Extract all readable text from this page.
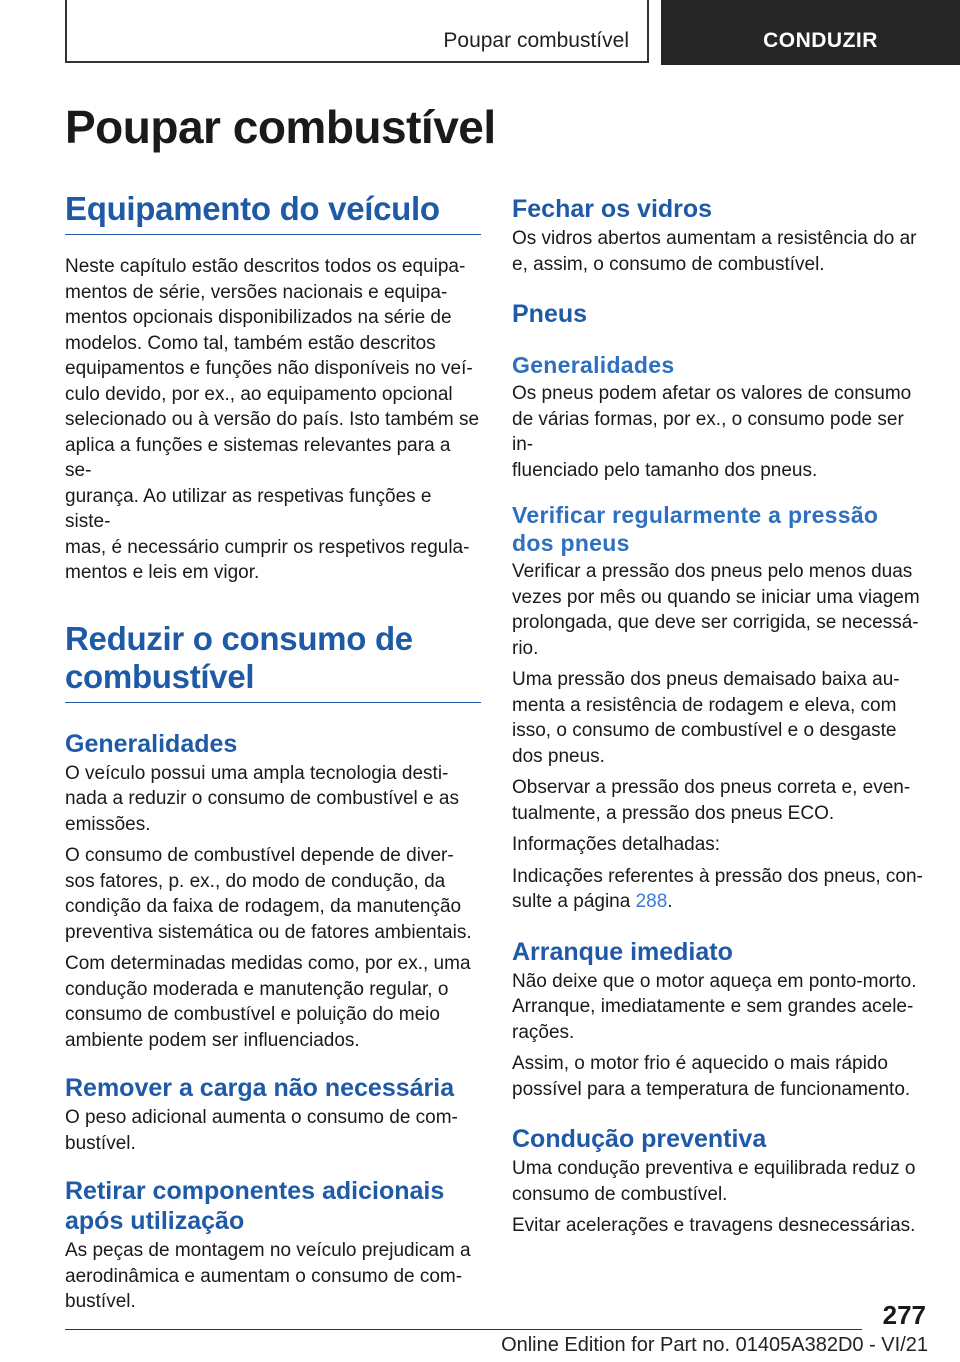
Poupar combustível	CONDUZIR
Poupar combustível
Equipamento do veículo

Neste capítulo estão descritos todos os equipa‐
mentos de série, versões nacionais e equipa‐
mentos opcionais disponibilizados na série de
modelos. Como tal, também estão descritos
equipamentos e funções não disponíveis no veí‐
culo devido, por ex., ao equipamento opcional
selecionado ou à versão do país. Isto também se
aplica a funções e sistemas relevantes para a se‐
gurança. Ao utilizar as respetivas funções e siste‐
mas, é necessário cumprir os respetivos regula‐
mentos e leis em vigor.

Reduzir o consumo de
combustível
Generalidades

O veículo possui uma ampla tecnologia desti‐
nada a reduzir o consumo de combustível e as
emissões.

O consumo de combustível depende de diver‐
sos fatores, p. ex., do modo de condução, da
condição da faixa de rodagem, da manutenção
preventiva sistemática ou de fatores ambientais.

Com determinadas medidas como, por ex., uma
condução moderada e manutenção regular, o
consumo de combustível e poluição do meio
ambiente podem ser influenciados.

Remover a carga não necessária

O peso adicional aumenta o consumo de com‐
bustível.

Retirar componentes adicionais
após utilização

As peças de montagem no veículo prejudicam a
aerodinâmica e aumentam o consumo de com‐
bustível.

Fechar os vidros

Os vidros abertos aumentam a resistência do ar
e, assim, o consumo de combustível.

Pneus
Generalidades

Os pneus podem afetar os valores de consumo
de várias formas, por ex., o consumo pode ser in‐
fluenciado pelo tamanho dos pneus.

Verificar regularmente a pressão
dos pneus

Verificar a pressão dos pneus pelo menos duas
vezes por mês ou quando se iniciar uma viagem
prolongada, que deve ser corrigida, se necessá‐
rio.

Uma pressão dos pneus demaisado baixa au‐
menta a resistência de rodagem e eleva, com
isso, o consumo de combustível e o desgaste
dos pneus.

Observar a pressão dos pneus correta e, even‐
tualmente, a pressão dos pneus ECO.

Informações detalhadas:

Indicações referentes à pressão dos pneus, con‐
sulte a página 288.

Arranque imediato

Não deixe que o motor aqueça em ponto-morto.
Arranque, imediatamente e sem grandes acele‐
rações.

Assim, o motor frio é aquecido o mais rápido
possível para a temperatura de funcionamento.

Condução preventiva

Uma condução preventiva e equilibrada reduz o
consumo de combustível.

Evitar acelerações e travagens desnecessárias.

277
Online Edition for Part no. 01405A382D0 - VI/21
